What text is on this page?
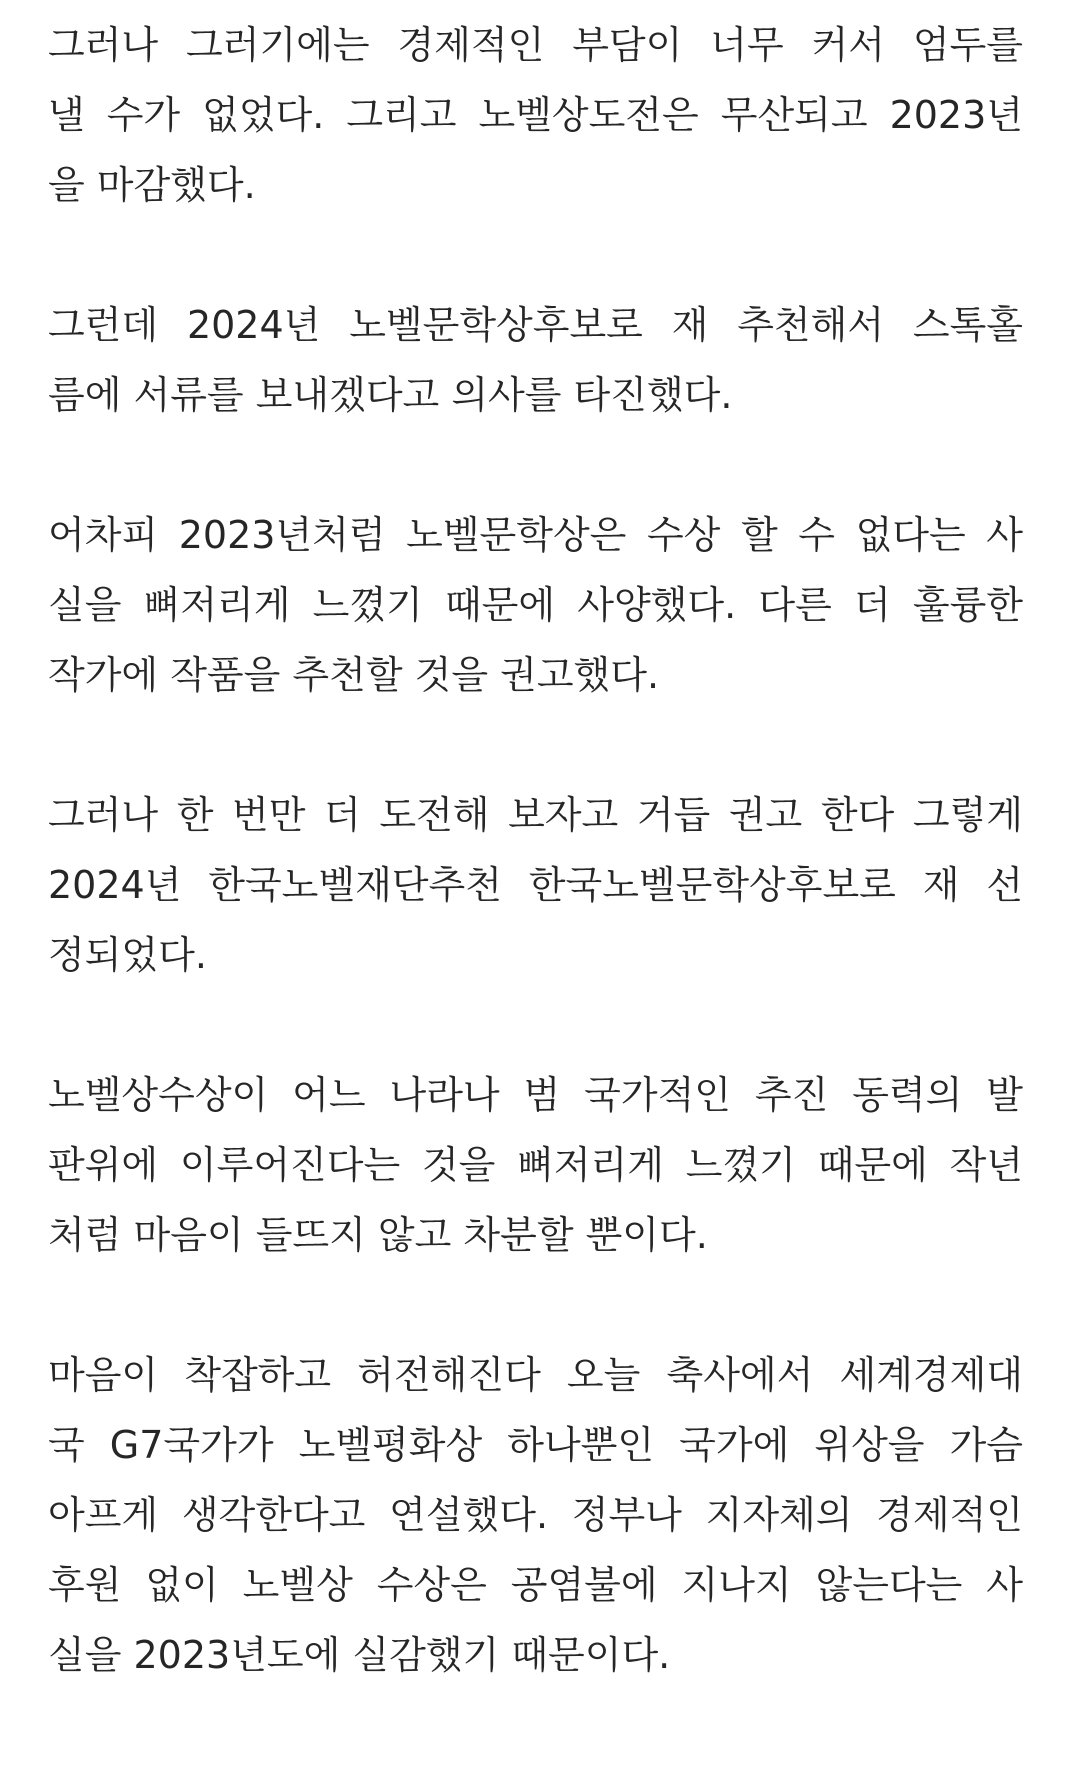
그러나 그러기에는 경제적인 부담이 너무 커서 엄두를
낼 수가 없었다. 그리고 노벨상도전은 무산되고 2023년
을 마감했다.
그런데 2024년 노벨문학상후보로 재 추천해서 스톡홀
름에 서류를 보내겠다고 의사를 타진했다.
어차피 2023년처럼 노벨문학상은 수상 할 수 없다는 사
실을 뼈저리게 느꼈기 때문에 사양했다. 다른 더 훌륭한
작가에 작품을 추천할 것을 권고했다.
그러나 한 번만 더 도전해 보자고 거듭 권고 한다 그렇게
2024년 한국노벨재단추천 한국노벨문학상후보로 재 선
정되었다.
노벨상수상이 어느 나라나 범 국가적인 추진 동력의 발
판위에 이루어진다는 것을 뼈저리게 느꼈기 때문에 작년
처럼 마음이 들뜨지 않고 차분할 뿐이다.
마음이 착잡하고 허전해진다 오늘 축사에서 세계경제대
국 G7국가가 노벨평화상 하나뿐인 국가에 위상을 가슴
아프게 생각한다고 연설했다. 정부나 지자체의 경제적인
후원 없이 노벨상 수상은 공염불에 지나지 않는다는 사
실을 2023년도에 실감했기 때문이다.
